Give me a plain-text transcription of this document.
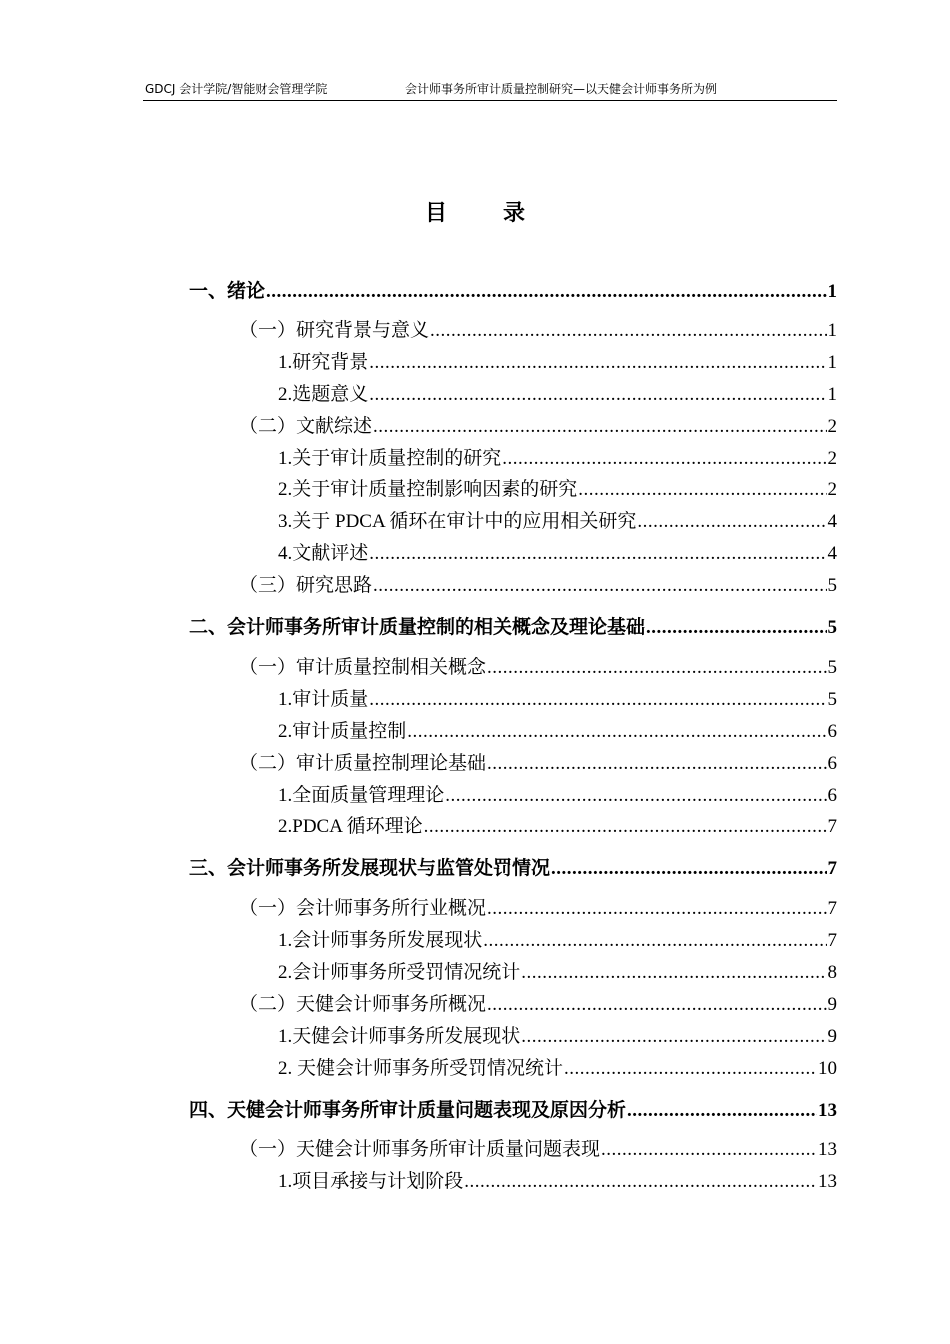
GDCJ 会计学院/智能财会管理学院	会计师事务所审计质量控制研究—以天健会计师事务所为例
目	录
一、绪论 .....	1
（一）研究背景与意义 .....	1
1.研究背景 .....	1
2.选题意义 .....	1
（二）文献综述 .....	2
1.关于审计质量控制的研究 .....	2
2.关于审计质量控制影响因素的研究 .....	2
3.关于 PDCA 循环在审计中的应用相关研究 .....	4
4.文献评述 .....	4
（三）研究思路 .....	5
二、会计师事务所审计质量控制的相关概念及理论基础 .....	5
（一）审计质量控制相关概念 .....	5
1.审计质量 .....	5
2.审计质量控制 .....	6
（二）审计质量控制理论基础 .....	6
1.全面质量管理理论 .....	6
2.PDCA 循环理论 .....	7
三、会计师事务所发展现状与监管处罚情况 .....	7
（一）会计师事务所行业概况 .....	7
1.会计师事务所发展现状 .....	7
2.会计师事务所受罚情况统计 .....	8
（二）天健会计师事务所概况 .....	9
1.天健会计师事务所发展现状 .....	9
2. 天健会计师事务所受罚情况统计 .....	10
四、天健会计师事务所审计质量问题表现及原因分析 .....	13
（一）天健会计师事务所审计质量问题表现 .....	13
1.项目承接与计划阶段 .....	13
